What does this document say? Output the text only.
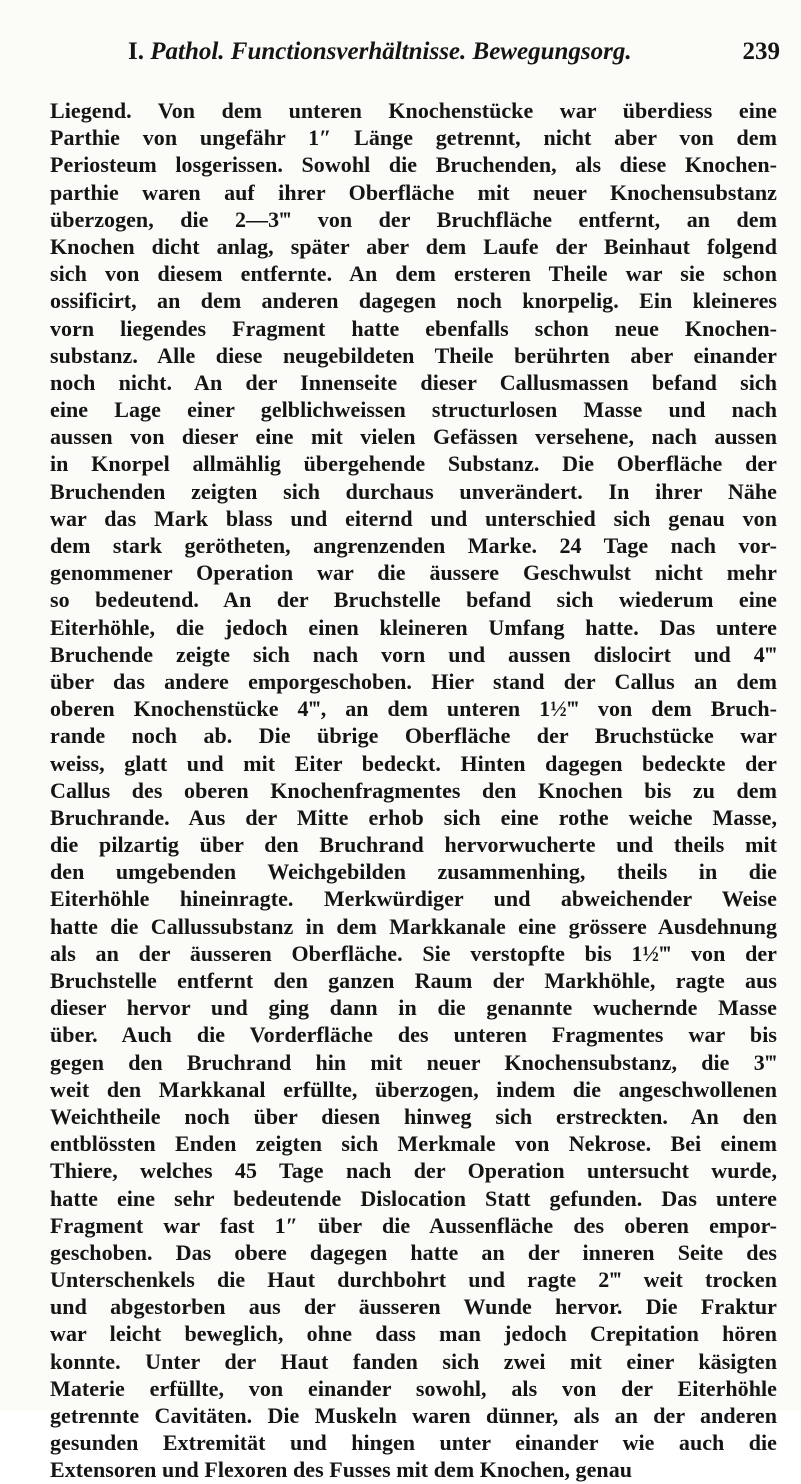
I. Pathol. Functionsverhältnisse. Bewegungsorg.	239
Liegend. Von dem unteren Knochenstücke war überdiess eine
Parthie von ungefähr 1″ Länge getrennt, nicht aber von dem
Periosteum losgerissen. Sowohl die Bruchenden, als diese Knochen-
parthie waren auf ihrer Oberfläche mit neuer Knochensubstanz
überzogen, die 2—3‴ von der Bruchfläche entfernt, an dem
Knochen dicht anlag, später aber dem Laufe der Beinhaut folgend
sich von diesem entfernte. An dem ersteren Theile war sie schon
ossificirt, an dem anderen dagegen noch knorpelig. Ein kleineres
vorn liegendes Fragment hatte ebenfalls schon neue Knochen-
substanz. Alle diese neugebildeten Theile berührten aber einander
noch nicht. An der Innenseite dieser Callusmassen befand sich
eine Lage einer gelblichweissen structurlosen Masse und nach
aussen von dieser eine mit vielen Gefässen versehene, nach aussen
in Knorpel allmählig übergehende Substanz. Die Oberfläche der
Bruchenden zeigten sich durchaus unverändert. In ihrer Nähe
war das Mark blass und eiternd und unterschied sich genau von
dem stark gerötheten, angrenzenden Marke. 24 Tage nach vor-
genommener Operation war die äussere Geschwulst nicht mehr
so bedeutend. An der Bruchstelle befand sich wiederum eine
Eiterhöhle, die jedoch einen kleineren Umfang hatte. Das untere
Bruchende zeigte sich nach vorn und aussen dislocirt und 4‴
über das andere emporgeschoben. Hier stand der Callus an dem
oberen Knochenstücke 4‴, an dem unteren 1½‴ von dem Bruch-
rande noch ab. Die übrige Oberfläche der Bruchstücke war
weiss, glatt und mit Eiter bedeckt. Hinten dagegen bedeckte der
Callus des oberen Knochenfragmentes den Knochen bis zu dem
Bruchrande. Aus der Mitte erhob sich eine rothe weiche Masse,
die pilzartig über den Bruchrand hervorwucherte und theils mit
den umgebenden Weichgebilden zusammenhing, theils in die
Eiterhöhle hineinragte. Merkwürdiger und abweichender Weise
hatte die Callussubstanz in dem Markkanale eine grössere Ausdehnung
als an der äusseren Oberfläche. Sie verstopfte bis 1½‴ von der
Bruchstelle entfernt den ganzen Raum der Markhöhle, ragte aus
dieser hervor und ging dann in die genannte wuchernde Masse
über. Auch die Vorderfläche des unteren Fragmentes war bis
gegen den Bruchrand hin mit neuer Knochensubstanz, die 3‴
weit den Markkanal erfüllte, überzogen, indem die angeschwollenen
Weichtheile noch über diesen hinweg sich erstreckten. An den
entblössten Enden zeigten sich Merkmale von Nekrose. Bei einem
Thiere, welches 45 Tage nach der Operation untersucht wurde,
hatte eine sehr bedeutende Dislocation Statt gefunden. Das untere
Fragment war fast 1″ über die Aussenfläche des oberen empor-
geschoben. Das obere dagegen hatte an der inneren Seite des
Unterschenkels die Haut durchbohrt und ragte 2‴ weit trocken
und abgestorben aus der äusseren Wunde hervor. Die Fraktur
war leicht beweglich, ohne dass man jedoch Crepitation hören
konnte. Unter der Haut fanden sich zwei mit einer käsigten
Materie erfüllte, von einander sowohl, als von der Eiterhöhle
getrennte Cavitäten. Die Muskeln waren dünner, als an der anderen
gesunden Extremität und hingen unter einander wie auch die
Extensoren und Flexoren des Fusses mit dem Knochen, genau
